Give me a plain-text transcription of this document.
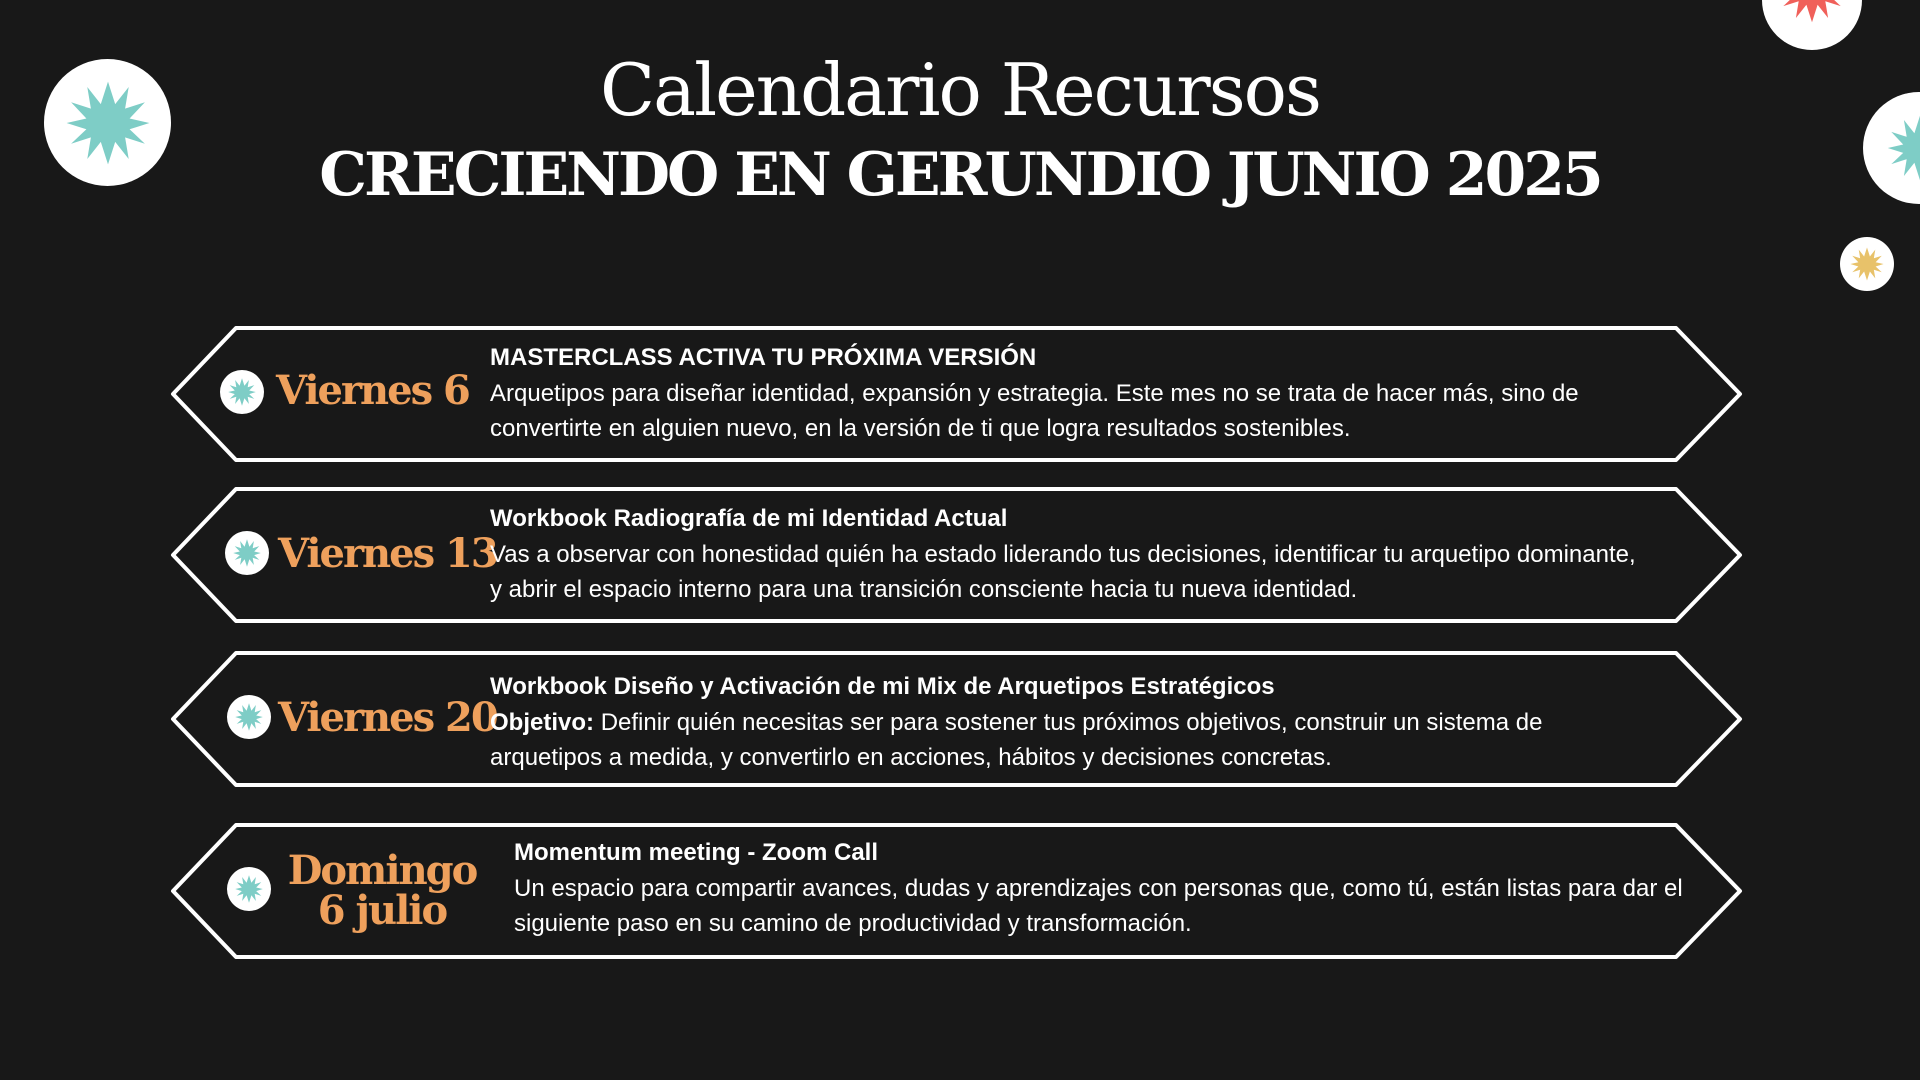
Calendario Recursos
CRECIENDO EN GERUNDIO JUNIO 2025
Viernes 6
MASTERCLASS ACTIVA TU PRÓXIMA VERSIÓN
Arquetipos para diseñar identidad, expansión y estrategia. Este mes no se trata de hacer más, sino de convertirte en alguien nuevo, en la versión de ti que logra resultados sostenibles.
Viernes 13
Workbook Radiografía de mi Identidad Actual
Vas a observar con honestidad quién ha estado liderando tus decisiones, identificar tu arquetipo dominante, y abrir el espacio interno para una transición consciente hacia tu nueva identidad.
Viernes 20
Workbook Diseño y Activación de mi Mix de Arquetipos Estratégicos
Objetivo: Definir quién necesitas ser para sostener tus próximos objetivos, construir un sistema de arquetipos a medida, y convertirlo en acciones, hábitos y decisiones concretas.
Domingo
6 julio
Momentum meeting - Zoom Call
Un espacio para compartir avances, dudas y aprendizajes con personas que, como tú, están listas para dar el siguiente paso en su camino de productividad y transformación.
